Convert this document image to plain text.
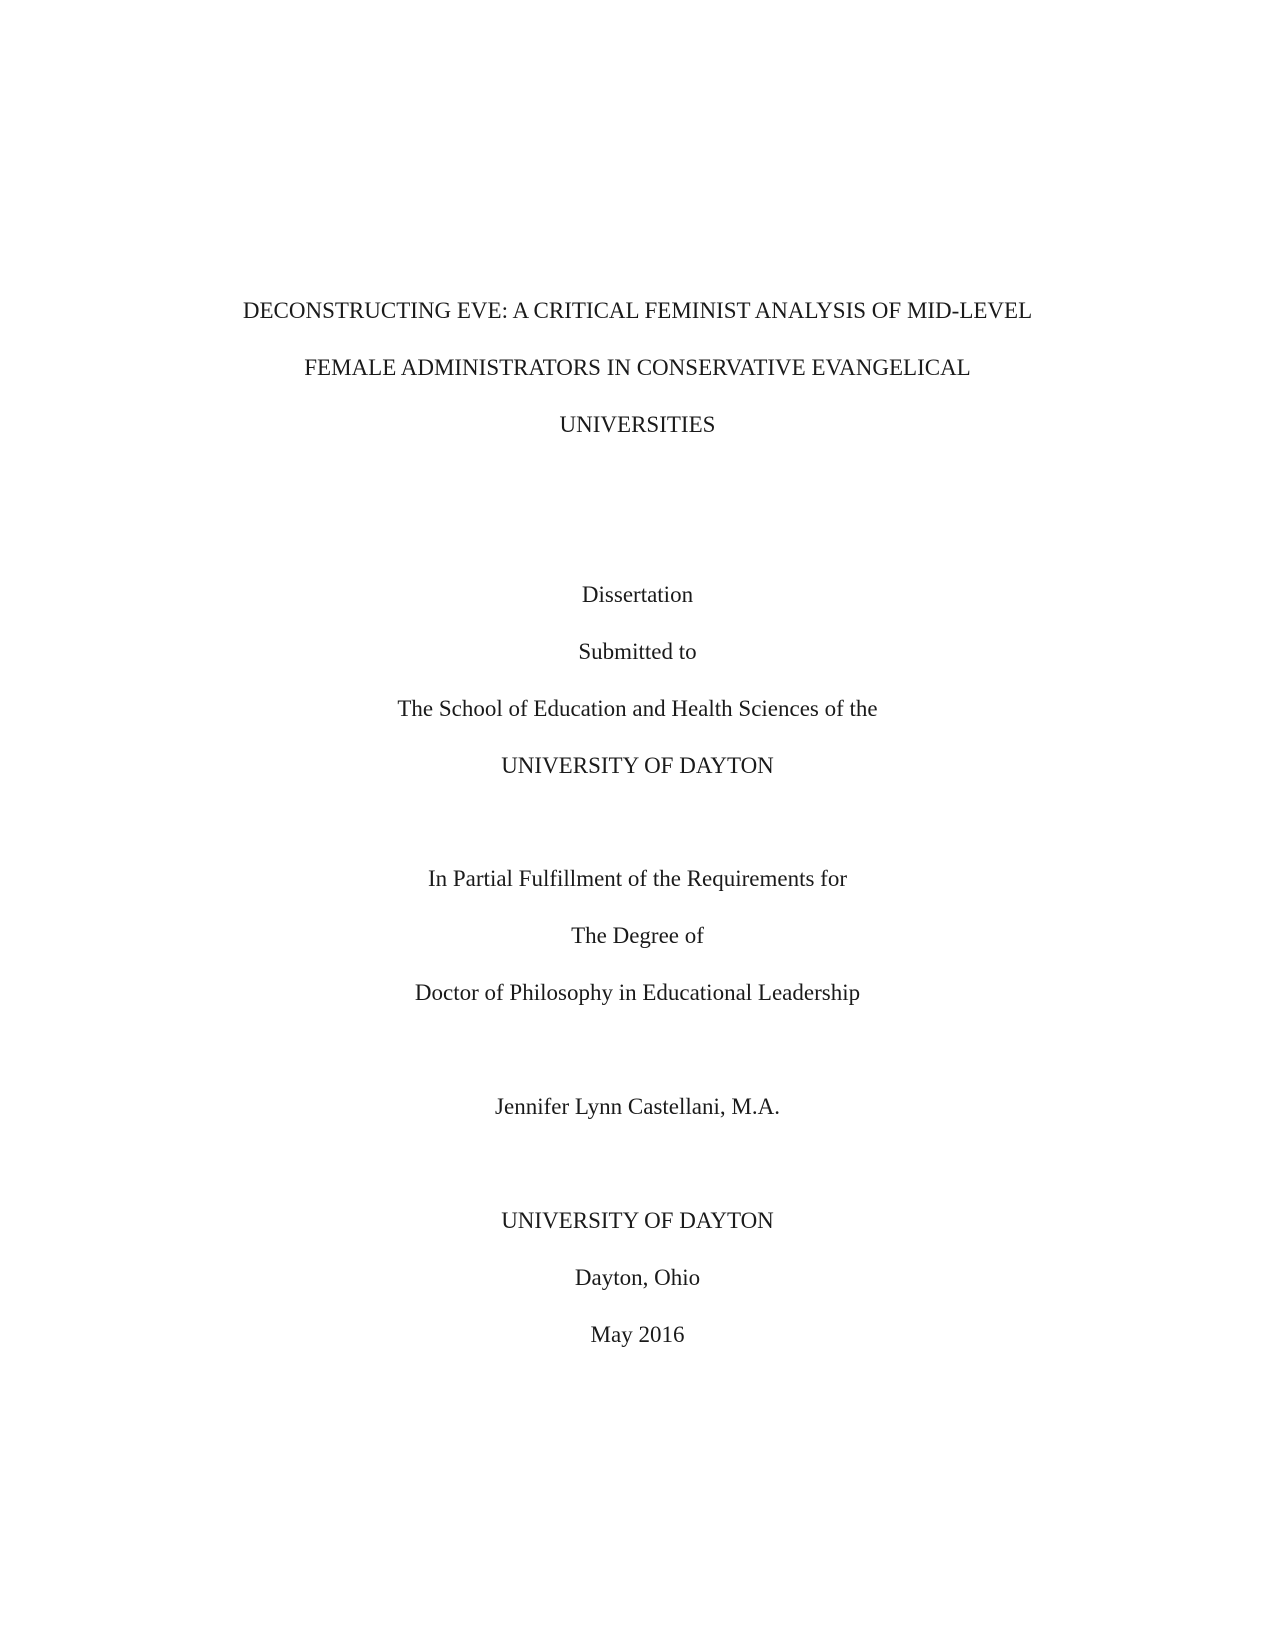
DECONSTRUCTING EVE: A CRITICAL FEMINIST ANALYSIS OF MID-LEVEL
FEMALE ADMINISTRATORS IN CONSERVATIVE EVANGELICAL
UNIVERSITIES
Dissertation
Submitted to
The School of Education and Health Sciences of the
UNIVERSITY OF DAYTON
In Partial Fulfillment of the Requirements for
The Degree of
Doctor of Philosophy in Educational Leadership
Jennifer Lynn Castellani, M.A.
UNIVERSITY OF DAYTON
Dayton, Ohio
May 2016
